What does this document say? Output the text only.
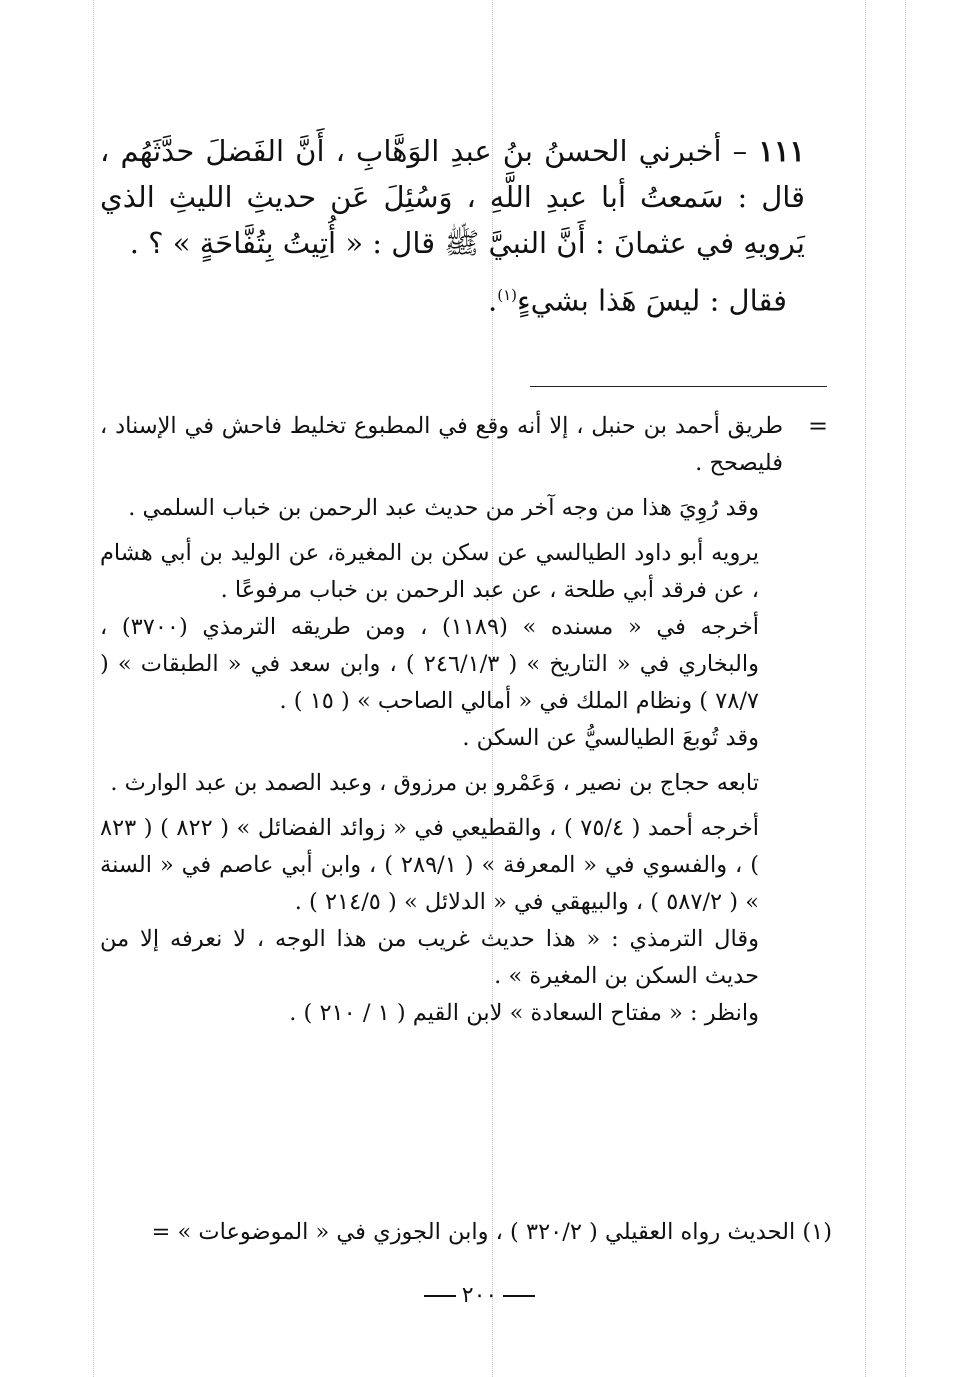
١١١ – أخبرني الحسنُ بنُ عبدِ الوَهَّابِ ، أَنَّ الفَضلَ حدَّثَهُم ، قال : سَمعتُ أبا عبدِ اللَّهِ ، وَسُئِلَ عَن حديثِ الليثِ الذي يَرويهِ في عثمانَ : أَنَّ النبيَّ ﷺ قال : « أُتِيتُ بِتُفَّاحَةٍ » ؟ .

فقال : ليسَ هَذا بشيءٍ$^{(١)}$.

=

طريق أحمد بن حنبل ، إلا أنه وقع في المطبوع تخليط فاحش في الإسناد ، فليصحح .

وقد رُوِيَ هذا من وجه آخر من حديث عبد الرحمن بن خباب السلمي .

يرويه أبو داود الطيالسي عن سكن بن المغيرة، عن الوليد بن أبي هشام ، عن فرقد أبي طلحة ، عن عبد الرحمن بن خباب مرفوعًا .

أخرجه في « مسنده » (١١٨٩) ، ومن طريقه الترمذي (٣٧٠٠) ، والبخاري في « التاريخ » ( ٢٤٦/١/٣ ) ، وابن سعد في « الطبقات » ( ٧٨/٧ ) ونظام الملك في « أمالي الصاحب » ( ١٥ ) .

وقد تُوبعَ الطيالسيُّ عن السكن .

تابعه حجاج بن نصير ، وَعَمْرو بن مرزوق ، وعبد الصمد بن عبد الوارث .

أخرجه أحمد ( ٧٥/٤ ) ، والقطيعي في « زوائد الفضائل » ( ٨٢٢ ) ( ٨٢٣ ) ، والفسوي في « المعرفة » ( ٢٨٩/١ ) ، وابن أبي عاصم في « السنة » ( ٥٨٧/٢ ) ، والبيهقي في « الدلائل » ( ٢١٤/٥ ) .

وقال الترمذي : « هذا حديث غريب من هذا الوجه ، لا نعرفه إلا من حديث السكن بن المغيرة » .

وانظر : « مفتاح السعادة » لابن القيم ( ١ / ٢١٠ ) .

(١) الحديث رواه العقيلي ( ٣٢٠/٢ ) ، وابن الجوزي في « الموضوعات » =
٢٠٠
